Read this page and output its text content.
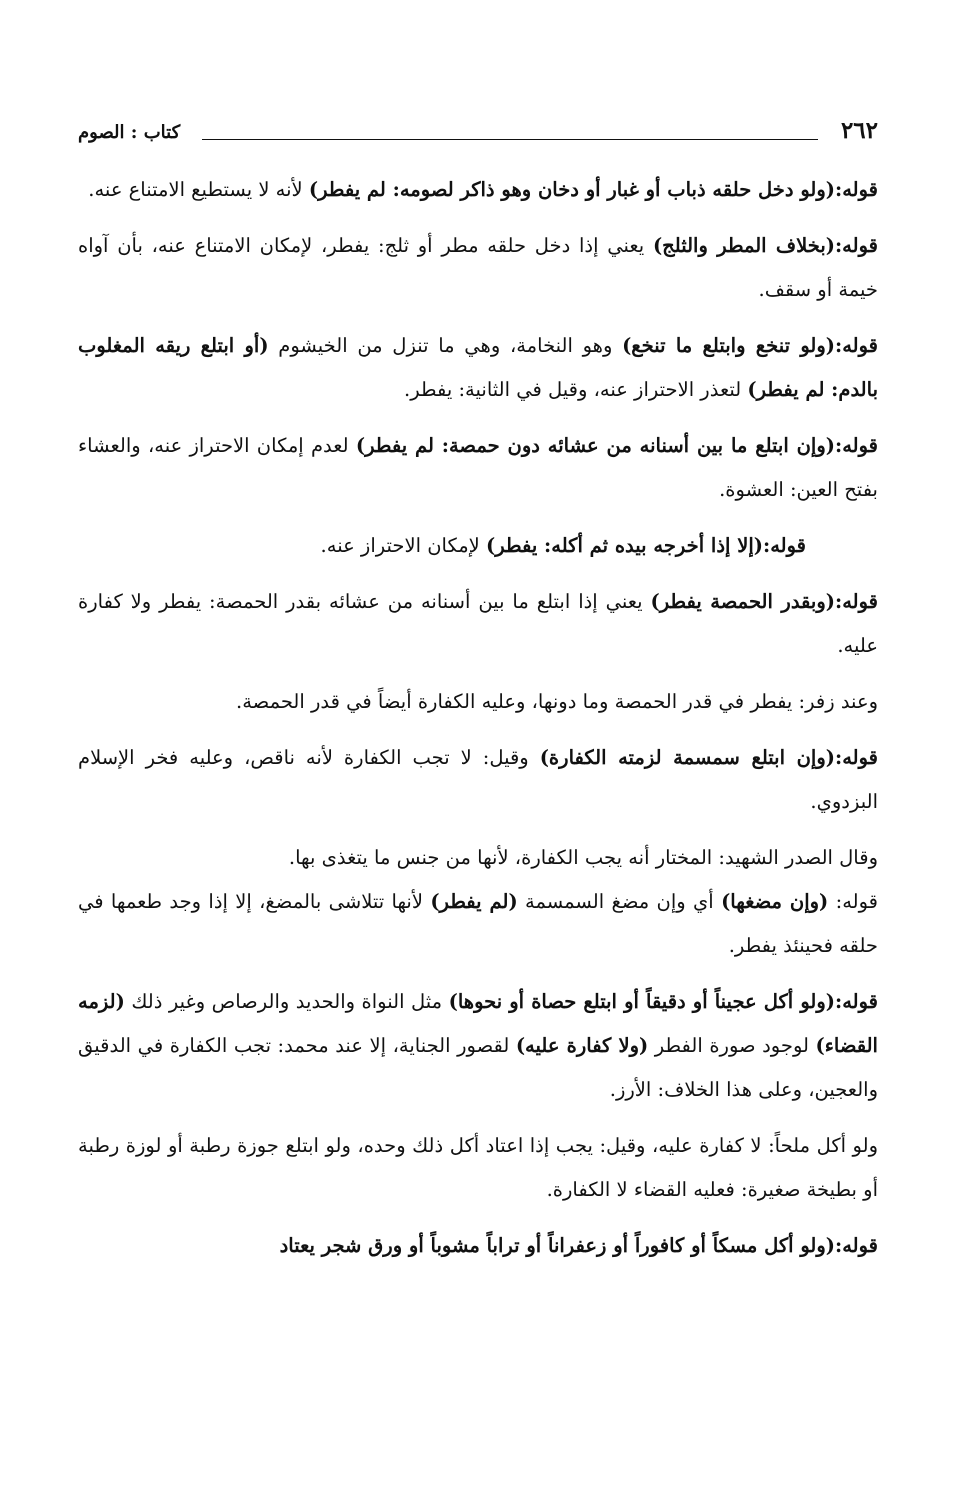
٢٦٢
كتاب : الصوم

قوله:(ولو دخل حلقه ذباب أو غبار أو دخان وهو ذاكر لصومه: لم يفطر) لأنه لا يستطيع الامتناع عنه.

قوله:(بخلاف المطر والثلج) يعني إذا دخل حلقه مطر أو ثلج: يفطر، لإمكان الامتناع عنه، بأن آواه خيمة أو سقف.

قوله:(ولو تنخع وابتلع ما تنخع) وهو النخامة، وهي ما تنزل من الخيشوم (أو ابتلع ريقه المغلوب بالدم: لم يفطر) لتعذر الاحتراز عنه، وقيل في الثانية: يفطر.

قوله:(وإن ابتلع ما بين أسنانه من عشائه دون حمصة: لم يفطر) لعدم إمكان الاحتراز عنه، والعشاء بفتح العين: العشوة.

قوله:(إلا إذا أخرجه بيده ثم أكله: يفطر) لإمكان الاحتراز عنه.

قوله:(وبقدر الحمصة يفطر) يعني إذا ابتلع ما بين أسنانه من عشائه بقدر الحمصة: يفطر ولا كفارة عليه.

وعند زفر: يفطر في قدر الحمصة وما دونها، وعليه الكفارة أيضاً في قدر الحمصة.

قوله:(وإن ابتلع سمسمة لزمته الكفارة) وقيل: لا تجب الكفارة لأنه ناقص، وعليه فخر الإسلام البزدوي.

وقال الصدر الشهيد: المختار أنه يجب الكفارة، لأنها من جنس ما يتغذى بها.

قوله: (وإن مضغها) أي وإن مضغ السمسمة (لم يفطر) لأنها تتلاشى بالمضغ، إلا إذا وجد طعمها في حلقه فحينئذ يفطر.

قوله:(ولو أكل عجيناً أو دقيقاً أو ابتلع حصاة أو نحوها) مثل النواة والحديد والرصاص وغير ذلك (لزمه القضاء) لوجود صورة الفطر (ولا كفارة عليه) لقصور الجناية، إلا عند محمد: تجب الكفارة في الدقيق والعجين، وعلى هذا الخلاف: الأرز.

ولو أكل ملحاً: لا كفارة عليه، وقيل: يجب إذا اعتاد أكل ذلك وحده، ولو ابتلع جوزة رطبة أو لوزة رطبة أو بطيخة صغيرة: فعليه القضاء لا الكفارة.

قوله:(ولو أكل مسكاً أو كافوراً أو زعفراناً أو تراباً مشوباً أو ورق شجر يعتاد
